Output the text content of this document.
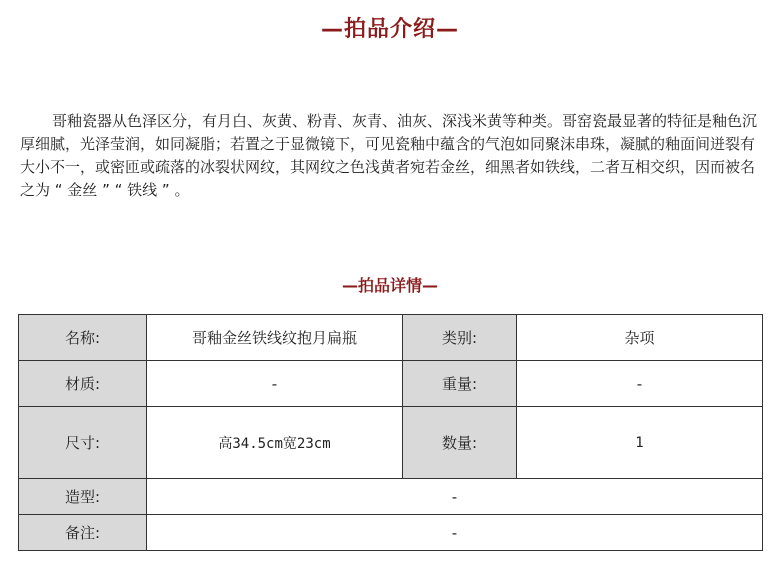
—拍品介绍—

哥釉瓷器从色泽区分，有月白、灰黄、粉青、灰青、油灰、深浅米黄等种类。哥窑瓷最显著的特征是釉色沉厚细腻，光泽莹润，如同凝脂；若置之于显微镜下，可见瓷釉中蕴含的气泡如同聚沫串珠，凝腻的釉面间迸裂有大小不一，或密匝或疏落的冰裂状网纹，其网纹之色浅黄者宛若金丝，细黑者如铁线，二者互相交织，因而被名之为 “ 金丝 ” “ 铁线 ” 。

—拍品详情—
名称:	哥釉金丝铁线纹抱月扁瓶	类别:	杂项
材质:	-	重量:	-
尺寸:	高34.5cm宽23cm	数量:	1
造型:	-		
备注:	-		
